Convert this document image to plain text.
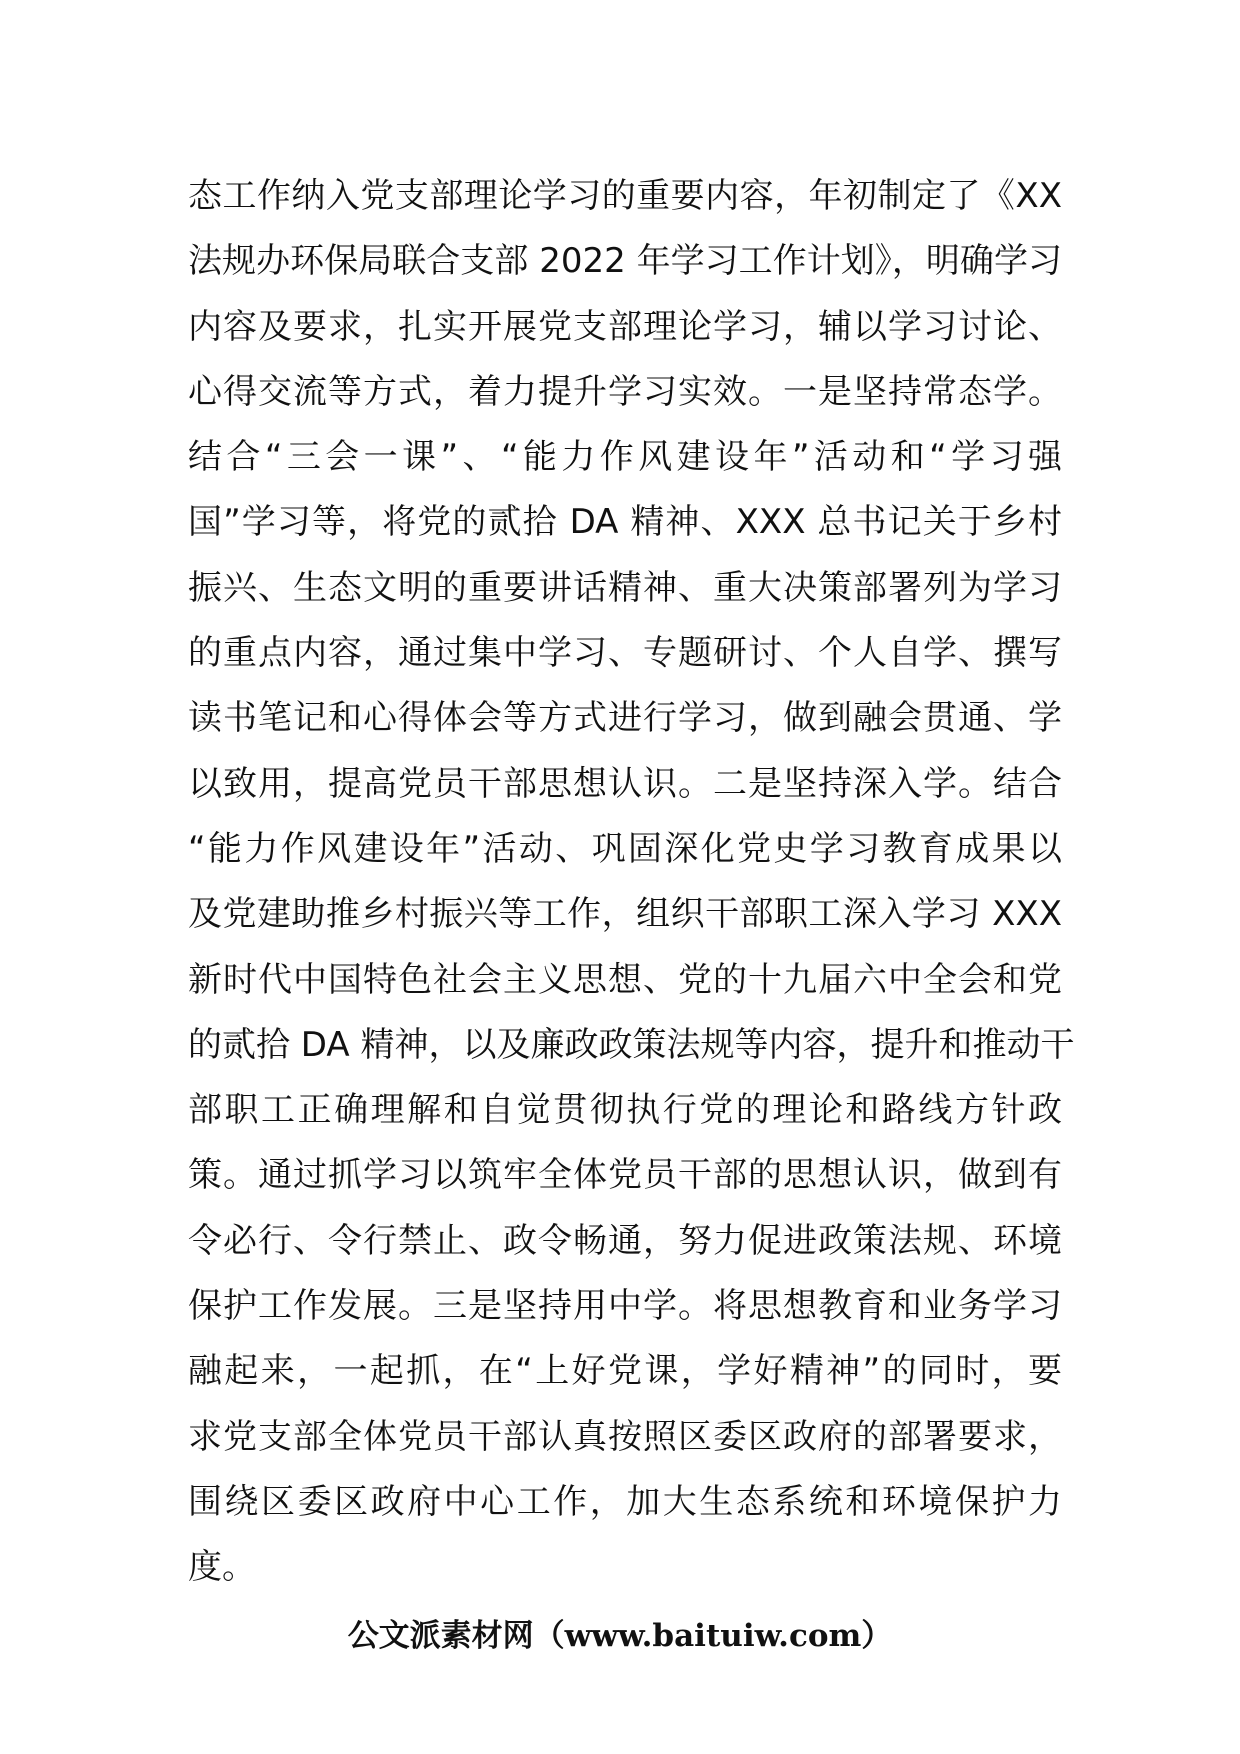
态工作纳入党支部理论学习的重要内容，年初制定了《XX
法规办环保局联合支部 2022 年学习工作计划》，明确学习
内容及要求，扎实开展党支部理论学习，辅以学习讨论、
心得交流等方式，着力提升学习实效。一是坚持常态学。
结合“三会一课”、“能力作风建设年”活动和“学习强
国”学习等，将党的贰拾 DA 精神、XXX 总书记关于乡村
振兴、生态文明的重要讲话精神、重大决策部署列为学习
的重点内容，通过集中学习、专题研讨、个人自学、撰写
读书笔记和心得体会等方式进行学习，做到融会贯通、学
以致用，提高党员干部思想认识。二是坚持深入学。结合
“能力作风建设年”活动、巩固深化党史学习教育成果以
及党建助推乡村振兴等工作，组织干部职工深入学习 XXX
新时代中国特色社会主义思想、党的十九届六中全会和党
的贰拾 DA 精神，以及廉政政策法规等内容，提升和推动干
部职工正确理解和自觉贯彻执行党的理论和路线方针政
策。通过抓学习以筑牢全体党员干部的思想认识，做到有
令必行、令行禁止、政令畅通，努力促进政策法规、环境
保护工作发展。三是坚持用中学。将思想教育和业务学习
融起来，一起抓，在“上好党课，学好精神”的同时，要
求党支部全体党员干部认真按照区委区政府的部署要求，
围绕区委区政府中心工作，加大生态系统和环境保护力
度。
公文派素材网（www.baituiw.com）
